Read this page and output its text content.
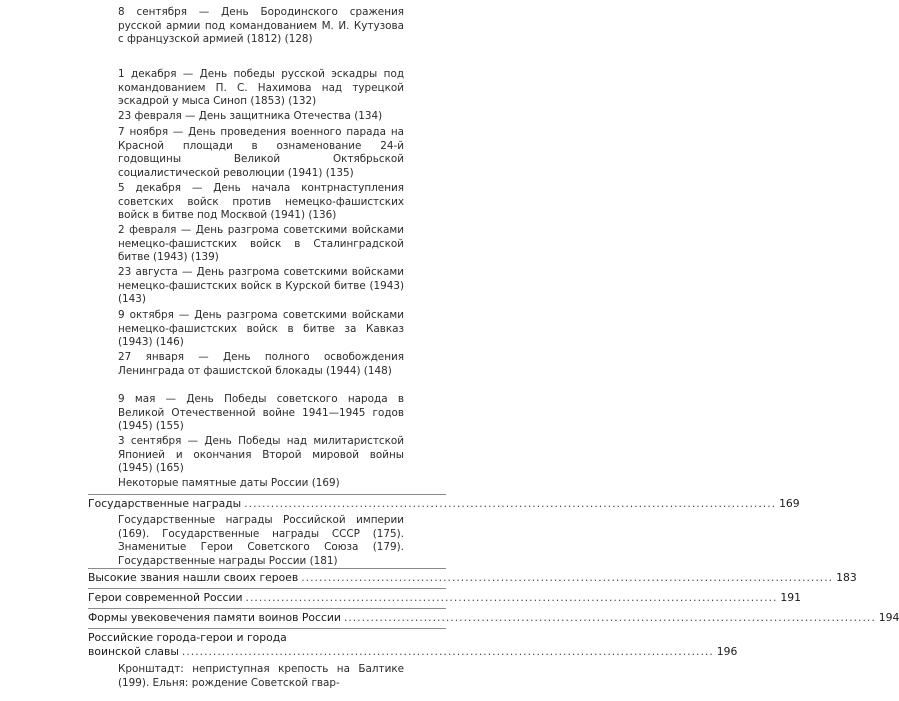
8 сентября — День Бородинского сражения русской армии под командованием М. И. Кутузова с французской армией (1812) (128)
1 декабря — День победы русской эскадры под командованием П. С. Нахимова над турецкой эскадрой у мыса Синоп (1853) (132)
23 февраля — День защитника Отечества (134)
7 ноября — День проведения военного парада на Красной площади в ознаменование 24-й годовщины Великой Октябрьской социалистической революции (1941) (135)
5 декабря — День начала контрнаступления советских войск против немецко-фашистских войск в битве под Москвой (1941) (136)
2 февраля — День разгрома советскими войсками немецко-фашистских войск в Сталинградской битве (1943) (139)
23 августа — День разгрома советскими войсками немецко-фашистских войск в Курской битве (1943) (143)
9 октября — День разгрома советскими войсками немецко-фашистских войск в битве за Кавказ (1943) (146)
27 января — День полного освобождения Ленинграда от фашистской блокады (1944) (148)
9 мая — День Победы советского народа в Великой Отечественной войне 1941—1945 годов (1945) (155)
3 сентября — День Победы над милитаристской Японией и окончания Второй мировой войны (1945) (165)
Некоторые памятные даты России (169)
Государственные награды ........................................................................................................................ 169
Государственные награды Российской империи (169). Государственные награды СССР (175). Знаменитые Герои Советского Союза (179). Государственные награды России (181)
Высокие звания нашли своих героев ........................................................................................................................ 183
Герои современной России ........................................................................................................................ 191
Формы увековечения памяти воинов России ........................................................................................................................ 194
Российские города-герои и города
воинской славы ........................................................................................................................ 196
Кронштадт: неприступная крепость на Балтике (199). Ельня: рождение Советской гвар-
